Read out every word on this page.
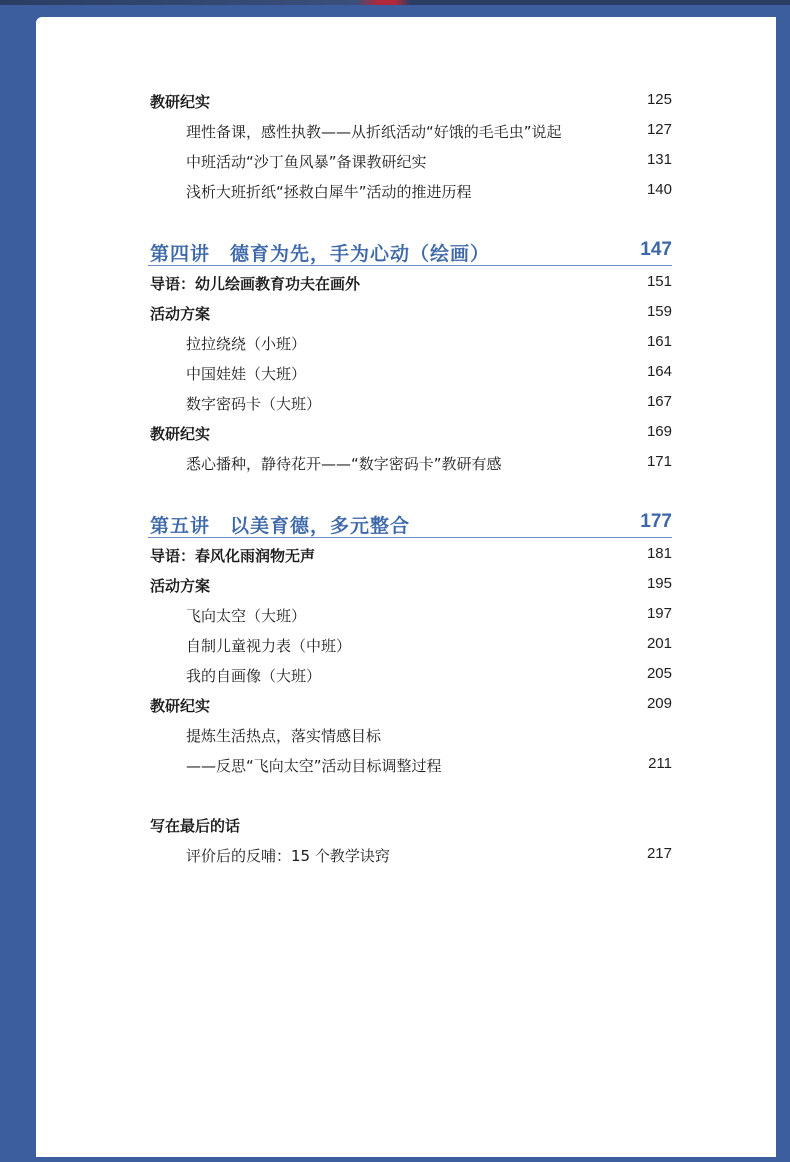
教研纪实	125
理性备课，感性执教——从折纸活动“好饿的毛毛虫”说起	127
中班活动“沙丁鱼风暴”备课教研纪实	131
浅析大班折纸“拯救白犀牛”活动的推进历程	140
第四讲　德育为先，手为心动（绘画）	147
导语：幼儿绘画教育功夫在画外	151
活动方案	159
拉拉绕绕（小班）	161
中国娃娃（大班）	164
数字密码卡（大班）	167
教研纪实	169
悉心播种，静待花开——“数字密码卡”教研有感	171
第五讲　以美育德，多元整合	177
导语：春风化雨润物无声	181
活动方案	195
飞向太空（大班）	197
自制儿童视力表（中班）	201
我的自画像（大班）	205
教研纪实	209
提炼生活热点，落实情感目标
——反思“飞向太空”活动目标调整过程	211
写在最后的话
评价后的反哺：15 个教学诀窍	217
